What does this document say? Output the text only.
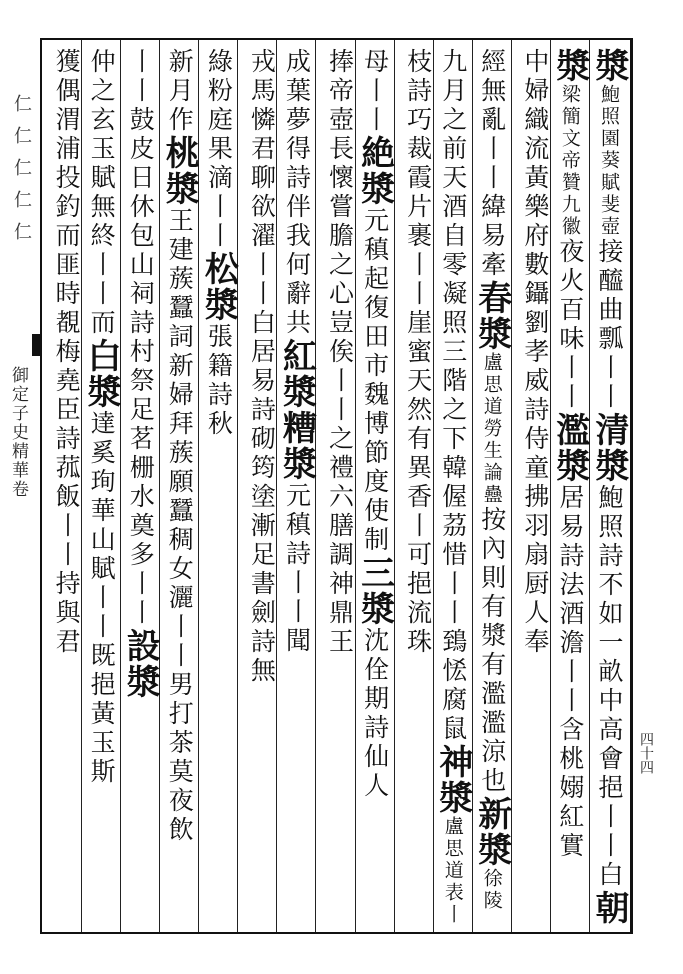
仁仁仁仁仁
御定子史精華卷
四十四
漿鮑照園葵賦斐壺接醯曲瓢丨丨清漿鮑照詩不如一畝中高會挹丨丨白朝
漿梁簡文帝贊九徽夜火百味丨丨濫漿居易詩法酒澹丨丨含桃嫋紅實
中婦織流黃樂府數鑷劉孝威詩侍童拂羽扇厨人奉
經無亂丨丨緯易牽春漿盧思道勞生論蠱按內則有漿有濫濫涼也新漿徐陵
九月之前天酒自零凝照三階之下韓偓茘惜丨丨鵄恡腐鼠神漿盧思道表丨
枝詩巧裁霞片裹丨丨崖蜜天然有異香丨可挹流珠
母丨丨絶漿元稹起復田市魏博節度使制三漿沈佺期詩仙人
捧帝壺長懷嘗膽之心豈俟丨丨之禮六膳調神鼎王
成葉夢得詩伴我何辭共紅漿糟漿元稹詩丨丨聞
戎馬憐君聊欲濯丨丨白居易詩砌筠塗漸足書劍詩無
綠粉庭果滴丨丨松漿張籍詩秋
新月作桃漿王建蔟蠶詞新婦拜蔟願蠶稠女灑丨丨男打茶莫夜飲
丨丨鼓皮日休包山祠詩村祭足茗栅水奠多丨丨設漿
仲之玄玉賦無終丨丨而白漿達奚珣華山賦丨丨既挹黃玉斯
獲偶渭浦投釣而匪時覩梅堯臣詩菰飯丨丨持與君
